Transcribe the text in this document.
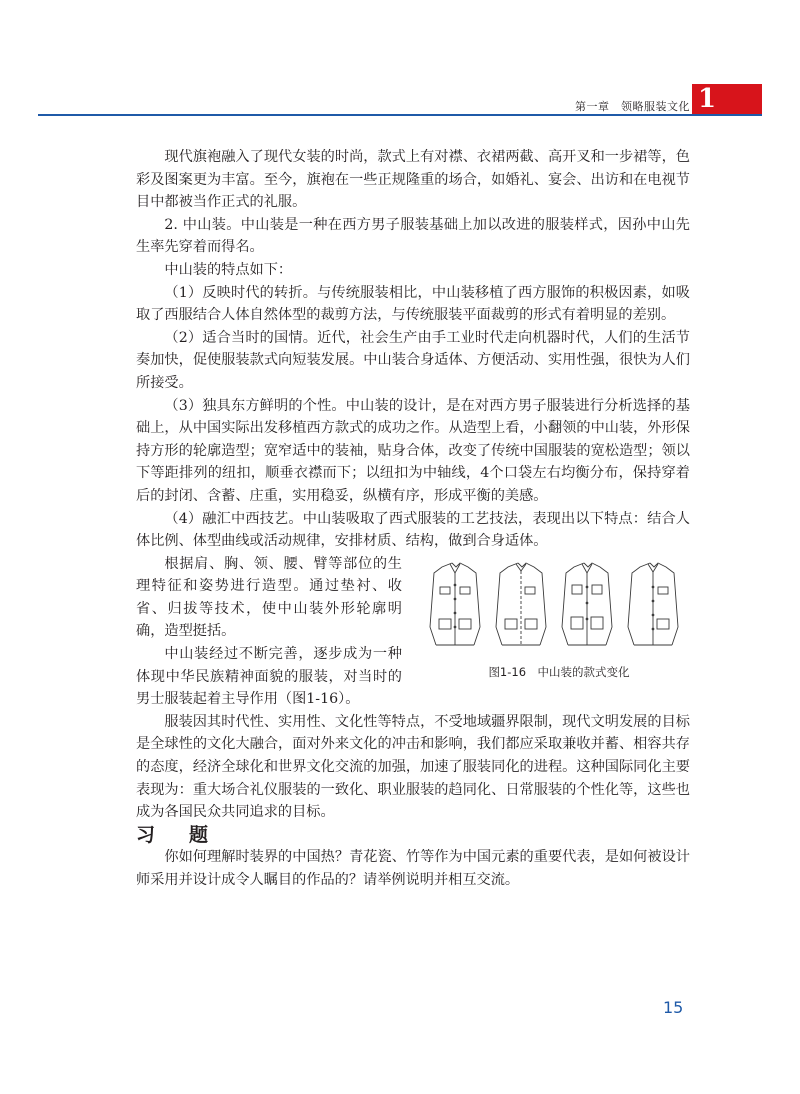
第一章　领略服装文化 1

现代旗袍融入了现代女装的时尚，款式上有对襟、衣裙两截、高开叉和一步裙等，色彩及图案更为丰富。至今，旗袍在一些正规隆重的场合，如婚礼、宴会、出访和在电视节目中都被当作正式的礼服。

2. 中山装。中山装是一种在西方男子服装基础上加以改进的服装样式，因孙中山先生率先穿着而得名。

中山装的特点如下：

（1）反映时代的转折。与传统服装相比，中山装移植了西方服饰的积极因素，如吸取了西服结合人体自然体型的裁剪方法，与传统服装平面裁剪的形式有着明显的差别。

（2）适合当时的国情。近代，社会生产由手工业时代走向机器时代，人们的生活节奏加快，促使服装款式向短装发展。中山装合身适体、方便活动、实用性强，很快为人们所接受。

（3）独具东方鲜明的个性。中山装的设计，是在对西方男子服装进行分析选择的基础上，从中国实际出发移植西方款式的成功之作。从造型上看，小翻领的中山装，外形保持方形的轮廓造型；宽窄适中的装袖，贴身合体，改变了传统中国服装的宽松造型；领以下等距排列的纽扣，顺垂衣襟而下；以纽扣为中轴线，4个口袋左右均衡分布，保持穿着后的封闭、含蓄、庄重，实用稳妥，纵横有序，形成平衡的美感。

（4）融汇中西技艺。中山装吸取了西式服装的工艺技法，表现出以下特点：结合人体比例、体型曲线或活动规律，安排材质、结构，做到合身适体。

根据肩、胸、领、腰、臂等部位的生理特征和姿势进行造型。通过垫衬、收省、归拔等技术，使中山装外形轮廓明确，造型挺括。

中山装经过不断完善，逐步成为一种体现中华民族精神面貌的服装，对当时的男士服装起着主导作用（图1-16）。

图1-16　中山装的款式变化

服装因其时代性、实用性、文化性等特点，不受地域疆界限制，现代文明发展的目标是全球性的文化大融合，面对外来文化的冲击和影响，我们都应采取兼收并蓄、相容共存的态度，经济全球化和世界文化交流的加强，加速了服装同化的进程。这种国际同化主要表现为：重大场合礼仪服装的一致化、职业服装的趋同化、日常服装的个性化等，这些也成为各国民众共同追求的目标。

习题

你如何理解时装界的中国热？青花瓷、竹等作为中国元素的重要代表，是如何被设计师采用并设计成令人瞩目的作品的？请举例说明并相互交流。

15
